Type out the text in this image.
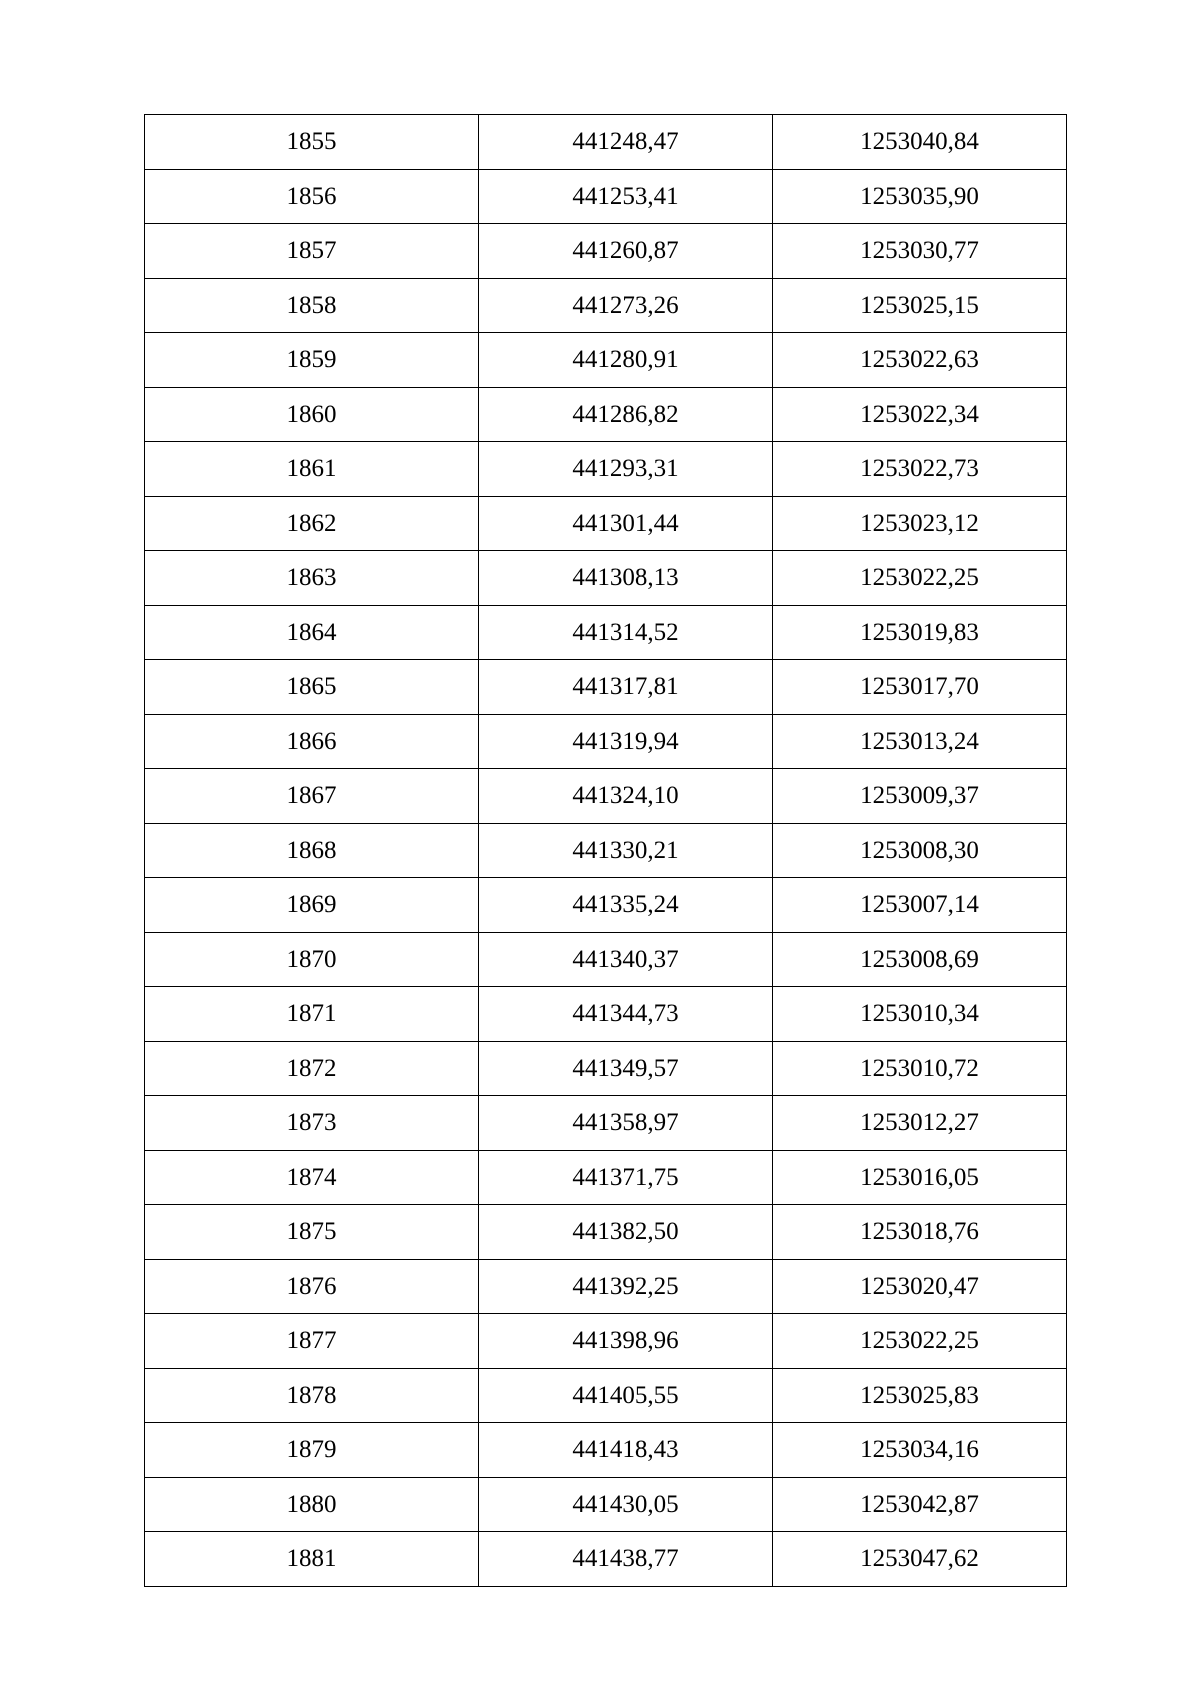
1855	441248,47	1253040,84
1856	441253,41	1253035,90
1857	441260,87	1253030,77
1858	441273,26	1253025,15
1859	441280,91	1253022,63
1860	441286,82	1253022,34
1861	441293,31	1253022,73
1862	441301,44	1253023,12
1863	441308,13	1253022,25
1864	441314,52	1253019,83
1865	441317,81	1253017,70
1866	441319,94	1253013,24
1867	441324,10	1253009,37
1868	441330,21	1253008,30
1869	441335,24	1253007,14
1870	441340,37	1253008,69
1871	441344,73	1253010,34
1872	441349,57	1253010,72
1873	441358,97	1253012,27
1874	441371,75	1253016,05
1875	441382,50	1253018,76
1876	441392,25	1253020,47
1877	441398,96	1253022,25
1878	441405,55	1253025,83
1879	441418,43	1253034,16
1880	441430,05	1253042,87
1881	441438,77	1253047,62
